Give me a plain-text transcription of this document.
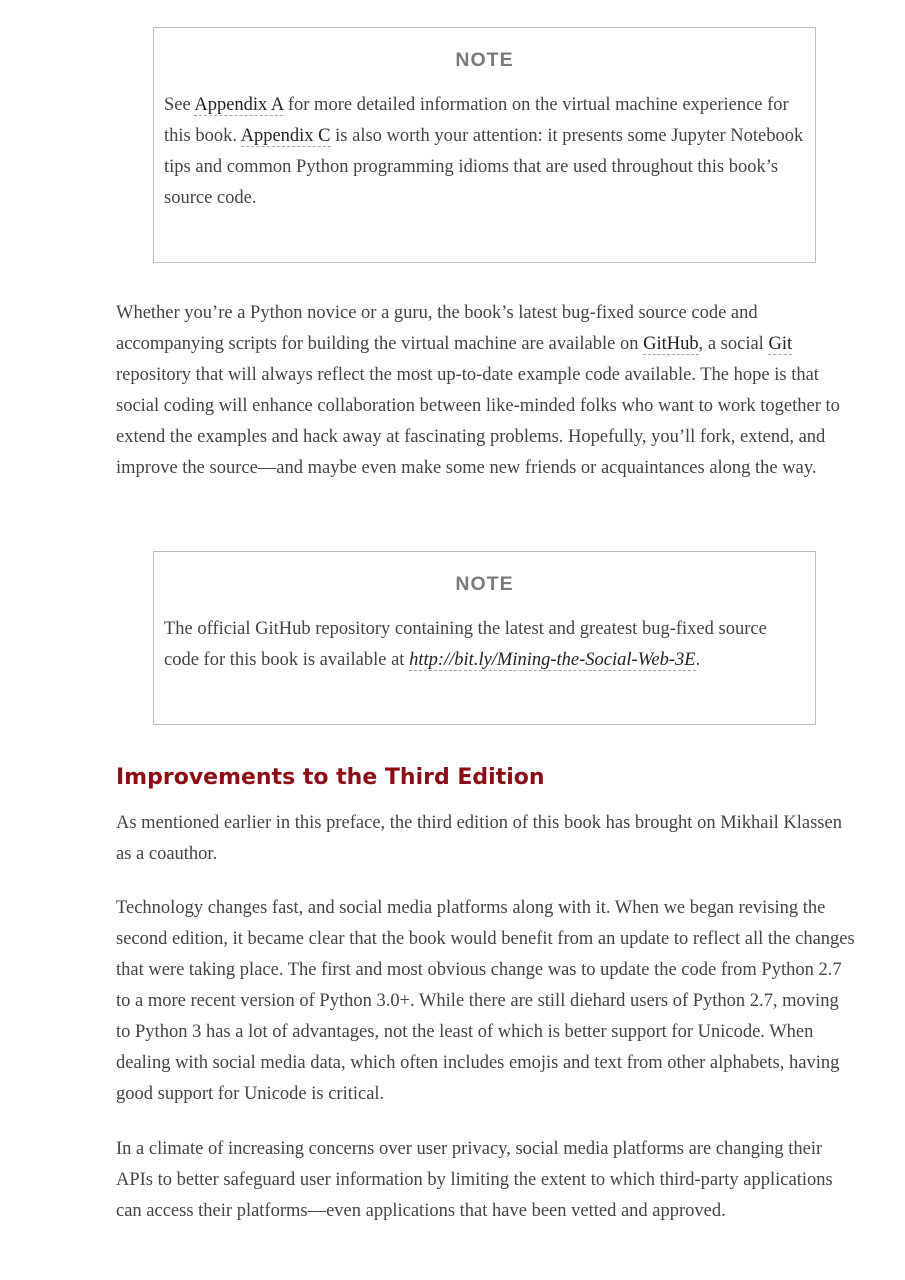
NOTE

See Appendix A for more detailed information on the virtual machine experience for this book. Appendix C is also worth your attention: it presents some Jupyter Notebook tips and common Python programming idioms that are used throughout this book’s source code.

Whether you’re a Python novice or a guru, the book’s latest bug-fixed source code and accompanying scripts for building the virtual machine are available on GitHub, a social Git repository that will always reflect the most up-to-date example code available. The hope is that social coding will enhance collaboration between like-minded folks who want to work together to extend the examples and hack away at fascinating problems. Hopefully, you’ll fork, extend, and improve the source—and maybe even make some new friends or acquaintances along the way.

NOTE

The official GitHub repository containing the latest and greatest bug-fixed source code for this book is available at http://bit.ly/Mining-the-Social-Web-3E.

Improvements to the Third Edition

As mentioned earlier in this preface, the third edition of this book has brought on Mikhail Klassen as a coauthor.

Technology changes fast, and social media platforms along with it. When we began revising the second edition, it became clear that the book would benefit from an update to reflect all the changes that were taking place. The first and most obvious change was to update the code from Python 2.7 to a more recent version of Python 3.0+. While there are still diehard users of Python 2.7, moving to Python 3 has a lot of advantages, not the least of which is better support for Unicode. When dealing with social media data, which often includes emojis and text from other alphabets, having good support for Unicode is critical.

In a climate of increasing concerns over user privacy, social media platforms are changing their APIs to better safeguard user information by limiting the extent to which third-party applications can access their platforms—even applications that have been vetted and approved.
